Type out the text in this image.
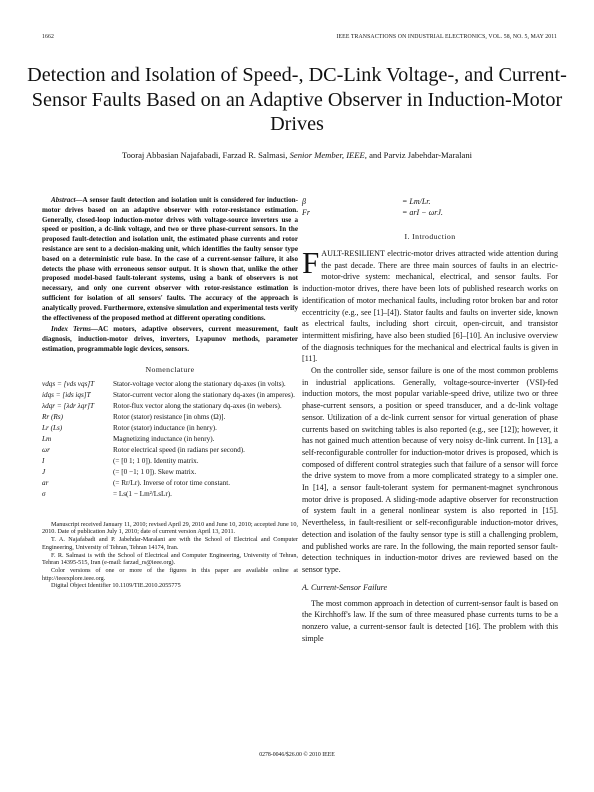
1662	IEEE TRANSACTIONS ON INDUSTRIAL ELECTRONICS, VOL. 58, NO. 5, MAY 2011
Detection and Isolation of Speed-, DC-Link Voltage-, and Current-Sensor Faults Based on an Adaptive Observer in Induction-Motor Drives
Tooraj Abbasian Najafabadi, Farzad R. Salmasi, Senior Member, IEEE, and Parviz Jabehdar-Maralani

Abstract—A sensor fault detection and isolation unit is considered for induction-motor drives based on an adaptive observer with rotor-resistance estimation. Generally, closed-loop induction-motor drives with voltage-source inverters use a speed or position, a dc-link voltage, and two or three phase-current sensors. In the proposed fault-detection and isolation unit, the estimated phase currents and rotor resistance are sent to a decision-making unit, which identifies the faulty sensor type based on a deterministic rule base. In the case of a current-sensor failure, it also detects the phase with erroneous sensor output. It is shown that, unlike the other proposed model-based fault-tolerant systems, using a bank of observers is not necessary, and only one current observer with rotor-resistance estimation is sufficient for isolation of all sensors' faults. The accuracy of the approach is analytically proved. Furthermore, extensive simulation and experimental tests verify the effectiveness of the proposed method at different operating conditions.

Index Terms—AC motors, adaptive observers, current measurement, fault diagnosis, induction-motor drives, inverters, Lyapunov methods, parameter estimation, programmable logic devices, sensors.

Nomenclature
vdqs = [vds vqs]T	Stator-voltage vector along the stationary dq-axes (in volts).
idqs = [ids iqs]T	Stator-current vector along the stationary dq-axes (in amperes).
λdqr = [λdr λqr]T	Rotor-flux vector along the stationary dq-axes (in webers).
Rr (Rs)	Rotor (stator) resistance [in ohms (Ω)].
Lr (Ls)	Rotor (stator) inductance (in henry).
Lm	Magnetizing inductance (in henry).
ωr	Rotor electrical speed (in radians per second).
I	(= [0 1; 1 0]). Identity matrix.
J	(= [0 −1; 1 0]). Skew matrix.
ar	(= Rr/Lr). Inverse of rotor time constant.
σ	= Ls(1 − Lm²/LsLr).

Manuscript received January 11, 2010; revised April 29, 2010 and June 10, 2010; accepted June 10, 2010. Date of publication July 1, 2010; date of current version April 13, 2011.

T. A. Najafabadi and P. Jabehdar-Maralani are with the School of Electrical and Computer Engineering, University of Tehran, Tehran 14174, Iran.

F. R. Salmasi is with the School of Electrical and Computer Engineering, University of Tehran, Tehran 14395-515, Iran (e-mail: farzad_rs@ieee.org).

Color versions of one or more of the figures in this paper are available online at http://ieeexplore.ieee.org.

Digital Object Identifier 10.1109/TIE.2010.2055775

β	= Lm/Lr.
Fr	= arI − ωrJ.
I. Introduction

FAULT-RESILIENT electric-motor drives attracted wide attention during the past decade. There are three main sources of faults in an electric-motor-drive system: mechanical, electrical, and sensor faults. For induction-motor drives, there have been lots of published research works on identification of motor mechanical faults, including rotor broken bar and rotor eccentricity (e.g., see [1]–[4]). Stator faults and faults on inverter side, known as electrical faults, including short circuit, open-circuit, and transistor intermittent misfiring, have also been studied [6]–[10]. An inclusive overview of the diagnosis techniques for the mechanical and electrical faults is given in [11].

On the controller side, sensor failure is one of the most common problems in industrial applications. Generally, voltage-source-inverter (VSI)-fed induction motors, the most popular variable-speed drive, utilize two or three phase-current sensors, a position or speed transducer, and a dc-link voltage sensor. Utilization of a dc-link current sensor for virtual generation of phase currents based on switching tables is also reported (e.g., see [12]); however, it has not gained much attention because of very noisy dc-link current. In [13], a self-reconfigurable controller for induction-motor drives is proposed, which is composed of different control strategies such that failure of a sensor will force the drive system to move from a more complicated strategy to a simpler one. In [14], a sensor fault-tolerant system for permanent-magnet synchronous motor drive is proposed. A sliding-mode adaptive observer for reconstruction of system fault in a general nonlinear system is also reported in [15]. Nevertheless, in fault-resilient or self-reconfigurable induction-motor drives, detection and isolation of the faulty sensor type is still a challenging problem, and published works are rare. In the following, the main reported sensor fault-detection techniques in induction-motor drives are reviewed based on the sensor type.

A. Current-Sensor Failure

The most common approach in detection of current-sensor fault is based on the Kirchhoff's law. If the sum of three measured phase currents turns to be a nonzero value, a current-sensor fault is detected [16]. The problem with this simple

0278-0046/$26.00 © 2010 IEEE
